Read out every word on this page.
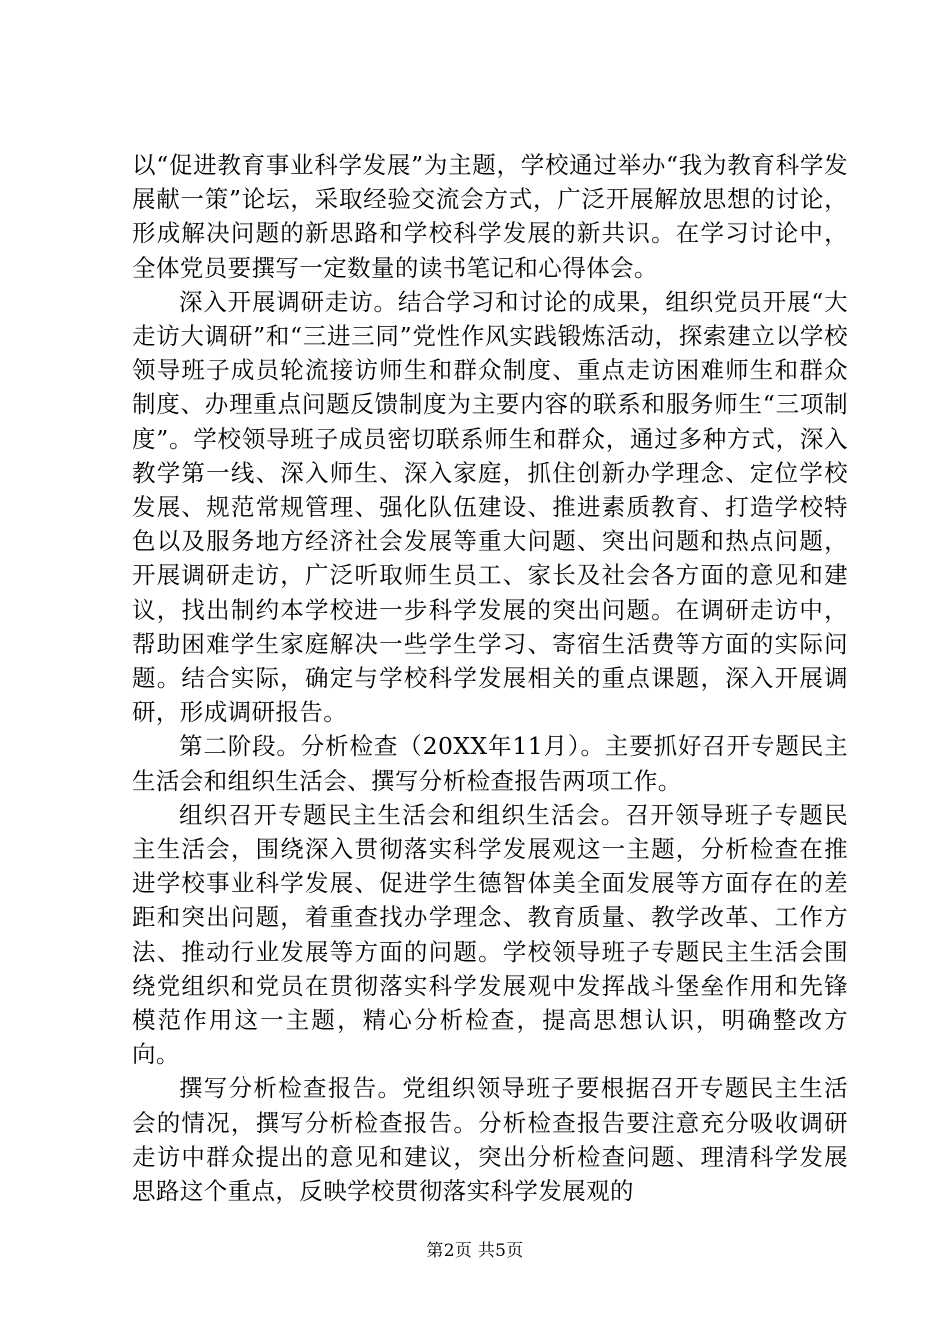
以“促进教育事业科学发展”为主题，学校通过举办“我为教育科学发展献一策”论坛，采取经验交流会方式，广泛开展解放思想的讨论，形成解决问题的新思路和学校科学发展的新共识。在学习讨论中，全体党员要撰写一定数量的读书笔记和心得体会。

深入开展调研走访。结合学习和讨论的成果，组织党员开展“大走访大调研”和“三进三同”党性作风实践锻炼活动，探索建立以学校领导班子成员轮流接访师生和群众制度、重点走访困难师生和群众制度、办理重点问题反馈制度为主要内容的联系和服务师生“三项制度”。学校领导班子成员密切联系师生和群众，通过多种方式，深入教学第一线、深入师生、深入家庭，抓住创新办学理念、定位学校发展、规范常规管理、强化队伍建设、推进素质教育、打造学校特色以及服务地方经济社会发展等重大问题、突出问题和热点问题，开展调研走访，广泛听取师生员工、家长及社会各方面的意见和建议，找出制约本学校进一步科学发展的突出问题。在调研走访中，帮助困难学生家庭解决一些学生学习、寄宿生活费等方面的实际问题。结合实际，确定与学校科学发展相关的重点课题，深入开展调研，形成调研报告。

第二阶段。分析检查（20XX年11月）。主要抓好召开专题民主生活会和组织生活会、撰写分析检查报告两项工作。

组织召开专题民主生活会和组织生活会。召开领导班子专题民主生活会，围绕深入贯彻落实科学发展观这一主题，分析检查在推进学校事业科学发展、促进学生德智体美全面发展等方面存在的差距和突出问题，着重查找办学理念、教育质量、教学改革、工作方法、推动行业发展等方面的问题。学校领导班子专题民主生活会围绕党组织和党员在贯彻落实科学发展观中发挥战斗堡垒作用和先锋模范作用这一主题，精心分析检查，提高思想认识，明确整改方向。

撰写分析检查报告。党组织领导班子要根据召开专题民主生活会的情况，撰写分析检查报告。分析检查报告要注意充分吸收调研走访中群众提出的意见和建议，突出分析检查问题、理清科学发展思路这个重点，反映学校贯彻落实科学发展观的

第2页 共5页
